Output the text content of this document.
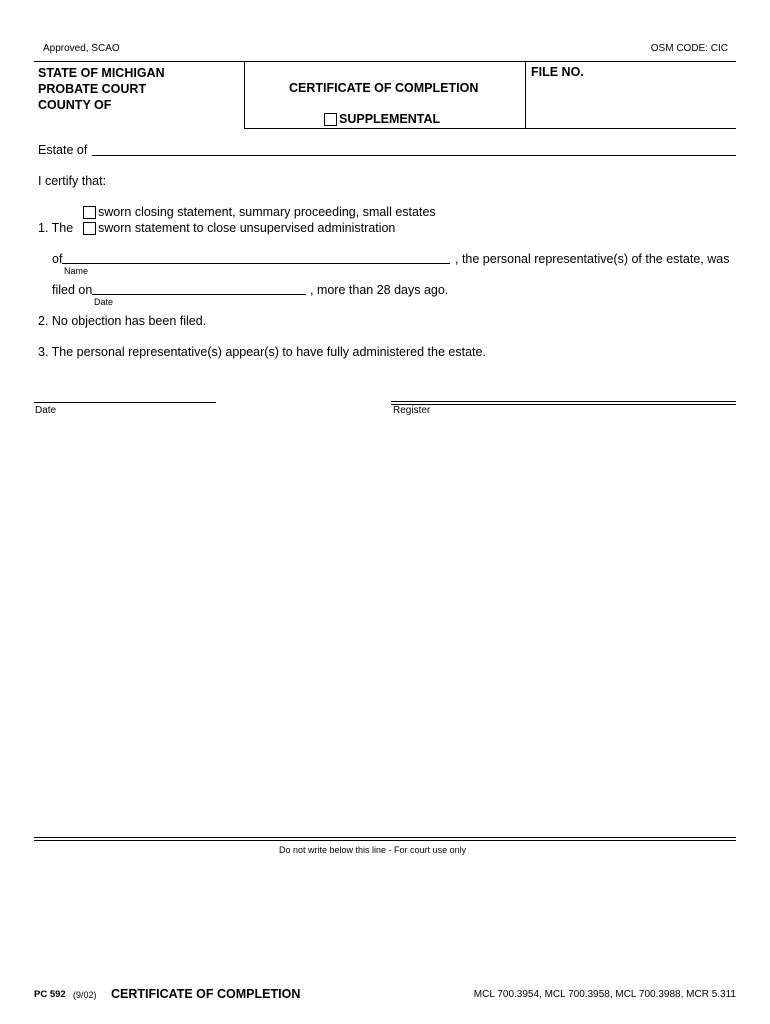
Approved, SCAO	OSM CODE: CIC
STATE OF MICHIGAN
PROBATE COURT
COUNTY OF
CERTIFICATE OF COMPLETION
SUPPLEMENTAL
FILE NO.
Estate of
I certify that:
sworn closing statement, summary proceeding, small estates
1. The sworn statement to close unsupervised administration
of
Name
, the personal representative(s) of the estate, was
filed on
Date
, more than 28 days ago.
2. No objection has been filed.
3. The personal representative(s) appear(s) to have fully administered the estate.
Date	Register
Do not write below this line - For court use only
PC 592 (9/02) CERTIFICATE OF COMPLETION	MCL 700.3954, MCL 700.3958, MCL 700.3988, MCR 5.311
